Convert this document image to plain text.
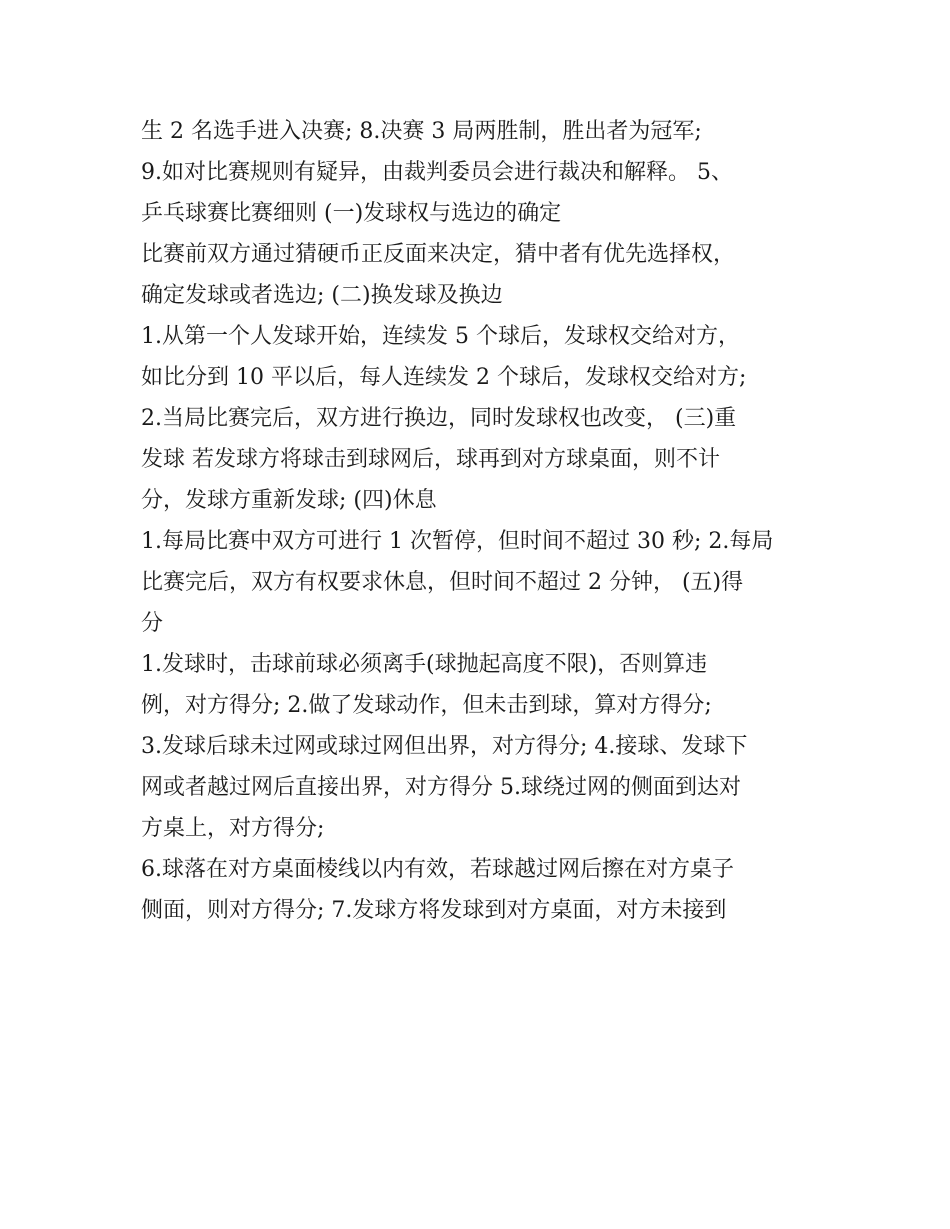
生 2 名选手进入决赛; 8.决赛 3 局两胜制，胜出者为冠军;
9.如对比赛规则有疑异，由裁判委员会进行裁决和解释。 5、
乒乓球赛比赛细则 (一)发球权与选边的确定
比赛前双方通过猜硬币正反面来决定，猜中者有优先选择权，
确定发球或者选边; (二)换发球及换边
1.从第一个人发球开始，连续发 5 个球后，发球权交给对方，
如比分到 10 平以后，每人连续发 2 个球后，发球权交给对方;
2.当局比赛完后，双方进行换边，同时发球权也改变， (三)重
发球 若发球方将球击到球网后，球再到对方球桌面，则不计
分，发球方重新发球; (四)休息
1.每局比赛中双方可进行 1 次暂停，但时间不超过 30 秒; 2.每局
比赛完后，双方有权要求休息，但时间不超过 2 分钟， (五)得
分
1.发球时，击球前球必须离手(球抛起高度不限)，否则算违
例，对方得分; 2.做了发球动作，但未击到球，算对方得分;
3.发球后球未过网或球过网但出界，对方得分; 4.接球、发球下
网或者越过网后直接出界，对方得分 5.球绕过网的侧面到达对
方桌上，对方得分;
6.球落在对方桌面棱线以内有效，若球越过网后擦在对方桌子
侧面，则对方得分; 7.发球方将发球到对方桌面，对方未接到
